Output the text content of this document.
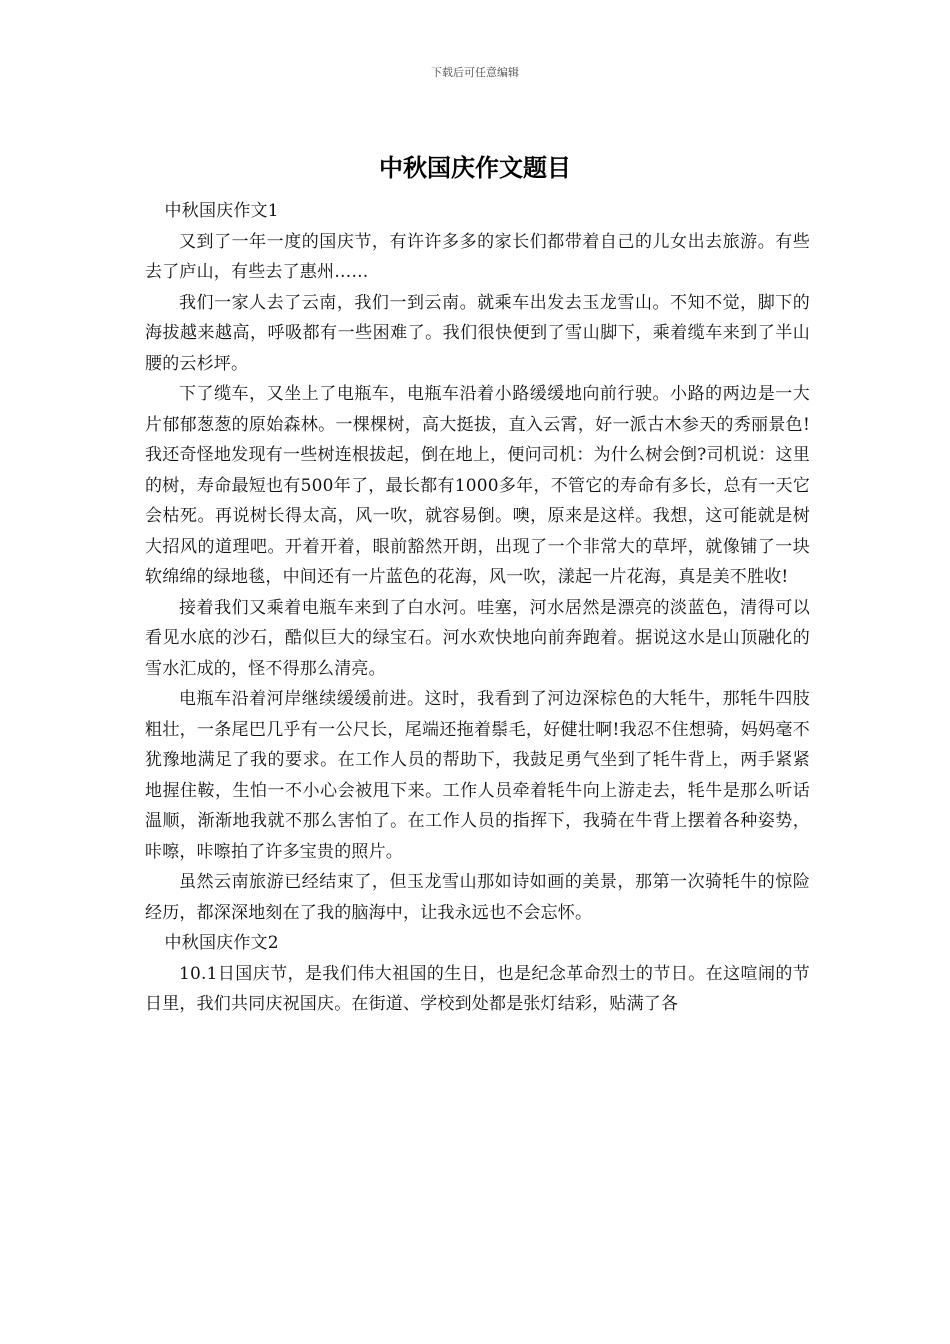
下载后可任意编辑
中秋国庆作文题目

中秋国庆作文1

又到了一年一度的国庆节，有许许多多的家长们都带着自己的儿女出去旅游。有些去了庐山，有些去了惠州……

我们一家人去了云南，我们一到云南。就乘车出发去玉龙雪山。不知不觉，脚下的海拔越来越高，呼吸都有一些困难了。我们很快便到了雪山脚下，乘着缆车来到了半山腰的云杉坪。

下了缆车，又坐上了电瓶车，电瓶车沿着小路缓缓地向前行驶。小路的两边是一大片郁郁葱葱的原始森林。一棵棵树，高大挺拔，直入云霄，好一派古木参天的秀丽景色!我还奇怪地发现有一些树连根拔起，倒在地上，便问司机：为什么树会倒?司机说：这里的树，寿命最短也有500年了，最长都有1000多年，不管它的寿命有多长，总有一天它会枯死。再说树长得太高，风一吹，就容易倒。噢，原来是这样。我想，这可能就是树大招风的道理吧。开着开着，眼前豁然开朗，出现了一个非常大的草坪，就像铺了一块软绵绵的绿地毯，中间还有一片蓝色的花海，风一吹，漾起一片花海，真是美不胜收!

接着我们又乘着电瓶车来到了白水河。哇塞，河水居然是漂亮的淡蓝色，清得可以看见水底的沙石，酷似巨大的绿宝石。河水欢快地向前奔跑着。据说这水是山顶融化的雪水汇成的，怪不得那么清亮。

电瓶车沿着河岸继续缓缓前进。这时，我看到了河边深棕色的大牦牛，那牦牛四肢粗壮，一条尾巴几乎有一公尺长，尾端还拖着鬃毛，好健壮啊!我忍不住想骑，妈妈毫不犹豫地满足了我的要求。在工作人员的帮助下，我鼓足勇气坐到了牦牛背上，两手紧紧地握住鞍，生怕一不小心会被甩下来。工作人员牵着牦牛向上游走去，牦牛是那么听话温顺，渐渐地我就不那么害怕了。在工作人员的指挥下，我骑在牛背上摆着各种姿势，咔嚓，咔嚓拍了许多宝贵的照片。

虽然云南旅游已经结束了，但玉龙雪山那如诗如画的美景，那第一次骑牦牛的惊险经历，都深深地刻在了我的脑海中，让我永远也不会忘怀。

中秋国庆作文2

10.1日国庆节，是我们伟大祖国的生日，也是纪念革命烈士的节日。在这喧闹的节日里，我们共同庆祝国庆。在街道、学校到处都是张灯结彩，贴满了各
